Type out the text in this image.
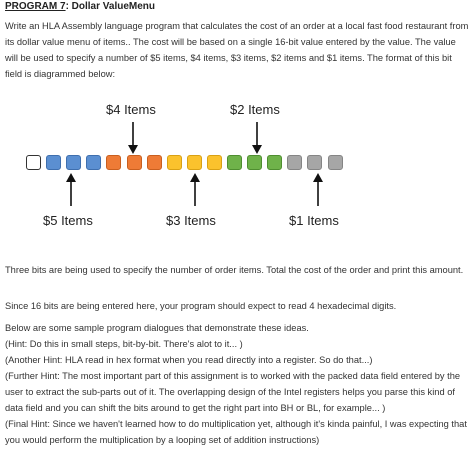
PROGRAM 7: Dollar ValueMenu
Write an HLA Assembly language program that calculates the cost of an order at a local fast food restaurant from its dollar value menu of items.. The cost will be based on a single 16-bit value entered by the value. The value will be used to specify a number of $5 items, $4 items, $3 items, $2 items and $1 items. The format of this bit field is diagrammed below:
$4 Items	$2 Items
$5 Items	$3 Items	$1 Items
Three bits are being used to specify the number of order items. Total the cost of the order and print this amount.
Since 16 bits are being entered here, your program should expect to read 4 hexadecimal digits.
Below are some sample program dialogues that demonstrate these ideas.
(Hint: Do this in small steps, bit-by-bit. There's alot to it... )
(Another Hint: HLA read in hex format when you read directly into a register. So do that...)
(Further Hint: The most important part of this assignment is to worked with the packed data field entered by the user to extract the sub-parts out of it. The overlapping design of the Intel registers helps you parse this kind of data field and you can shift the bits around to get the right part into BH or BL, for example... )
(Final Hint: Since we haven't learned how to do multiplication yet, although it's kinda painful, I was expecting that you would perform the multiplication by a looping set of addition instructions)
